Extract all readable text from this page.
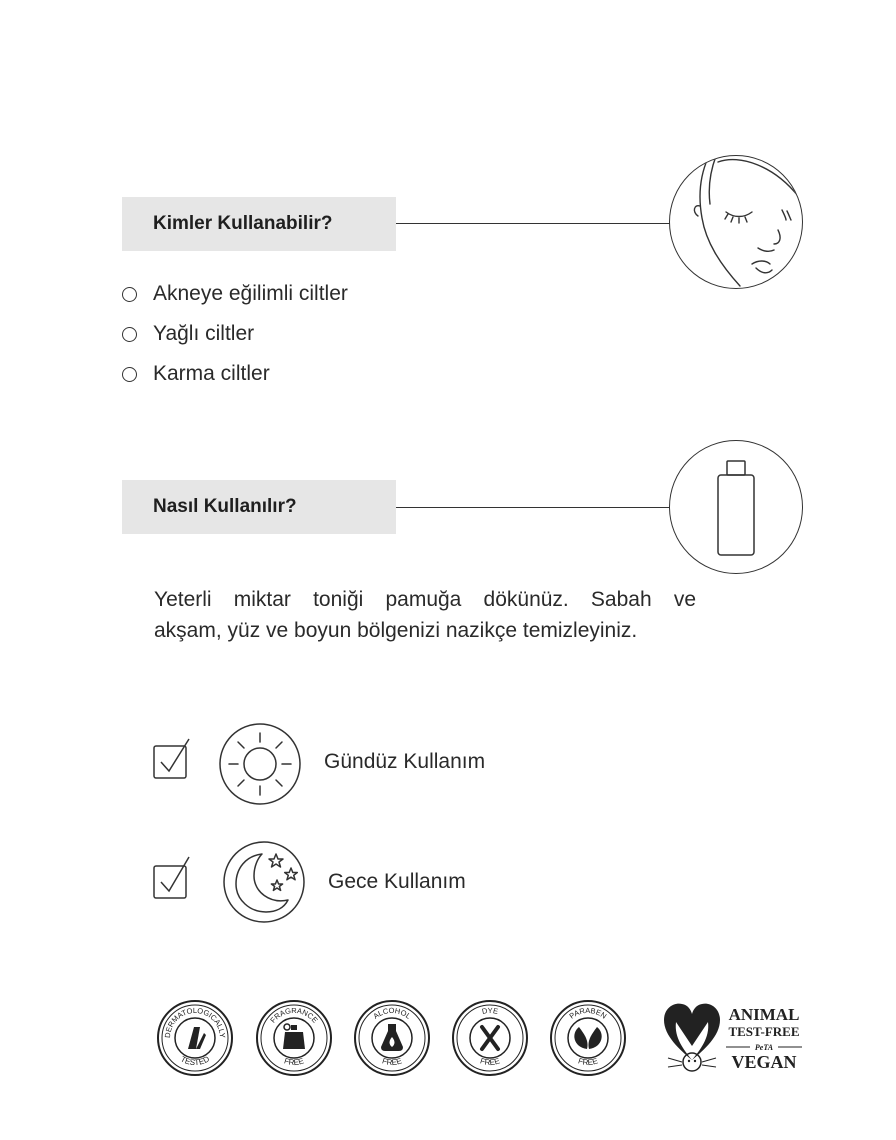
Kimler Kullanabilir?
Akneye eğilimli ciltler
Yağlı ciltler
Karma ciltler
Nasıl Kullanılır?
Yeterli miktar toniği pamuğa dökünüz. Sabah ve
akşam, yüz ve boyun bölgenizi nazikçe temizleyiniz.
Gündüz Kullanım
Gece Kullanım
DERMATOLOGICALLY
TESTED
FRAGRANCE
FREE
ALCOHOL
FREE
DYE
FREE
PARABEN
FREE
ANIMAL
TEST-FREE
PeTA
VEGAN
